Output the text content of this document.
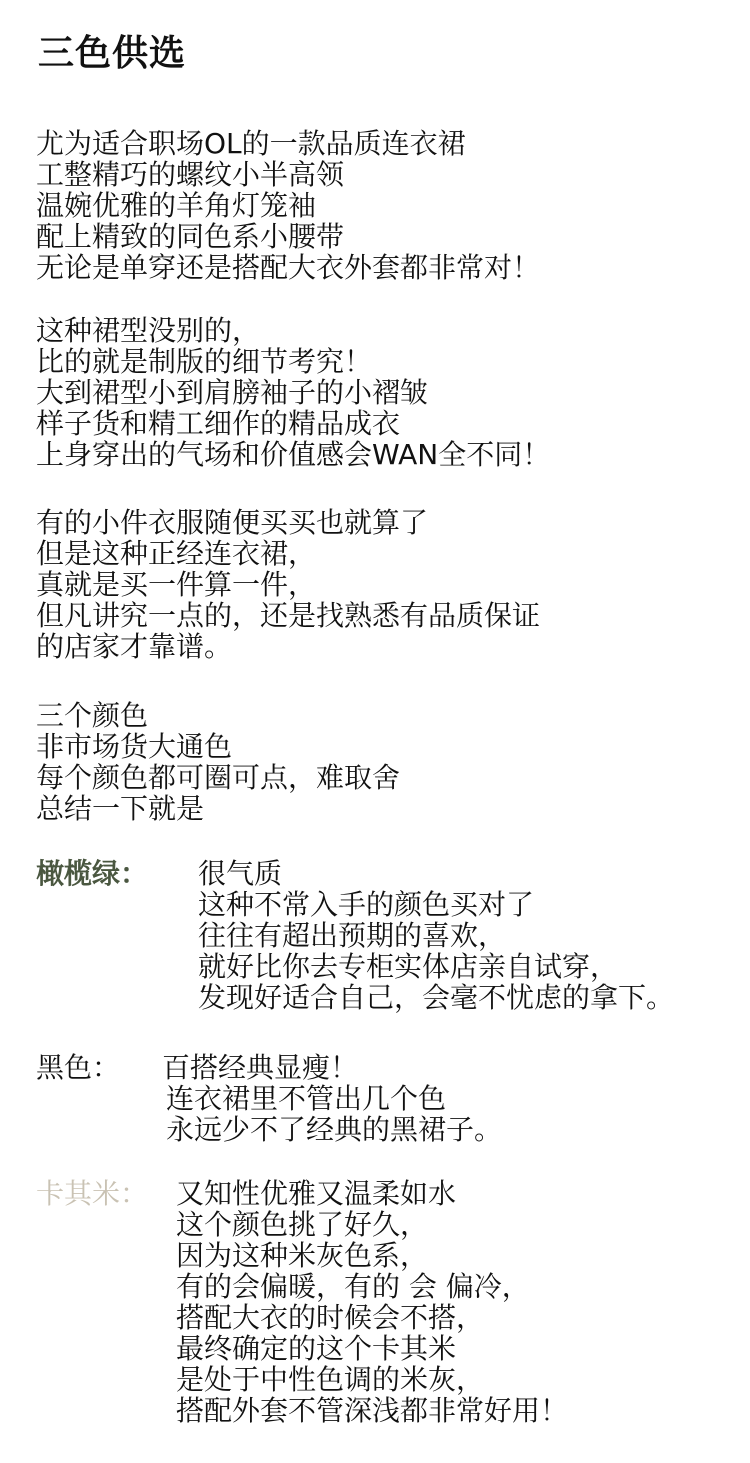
三色供选
尤为适合职场OL的一款品质连衣裙
工整精巧的螺纹小半高领
温婉优雅的羊角灯笼袖
配上精致的同色系小腰带
无论是单穿还是搭配大衣外套都非常对！
这种裙型没别的，
比的就是制版的细节考究！
大到裙型小到肩膀袖子的小褶皱
样子货和精工细作的精品成衣
上身穿出的气场和价值感会WAN全不同！
有的小件衣服随便买买也就算了
但是这种正经连衣裙，
真就是买一件算一件，
但凡讲究一点的，还是找熟悉有品质保证
的店家才靠谱。
三个颜色
非市场货大通色
每个颜色都可圈可点，难取舍
总结一下就是
橄榄绿： 很气质
这种不常入手的颜色买对了
往往有超出预期的喜欢，
就好比你去专柜实体店亲自试穿，
发现好适合自己，会毫不忧虑的拿下。
黑色： 百搭经典显瘦！
连衣裙里不管出几个色
永远少不了经典的黑裙子。
卡其米： 又知性优雅又温柔如水
这个颜色挑了好久，
因为这种米灰色系，
有的会偏暖，有的 会 偏冷，
搭配大衣的时候会不搭，
最终确定的这个卡其米
是处于中性色调的米灰，
搭配外套不管深浅都非常好用！
